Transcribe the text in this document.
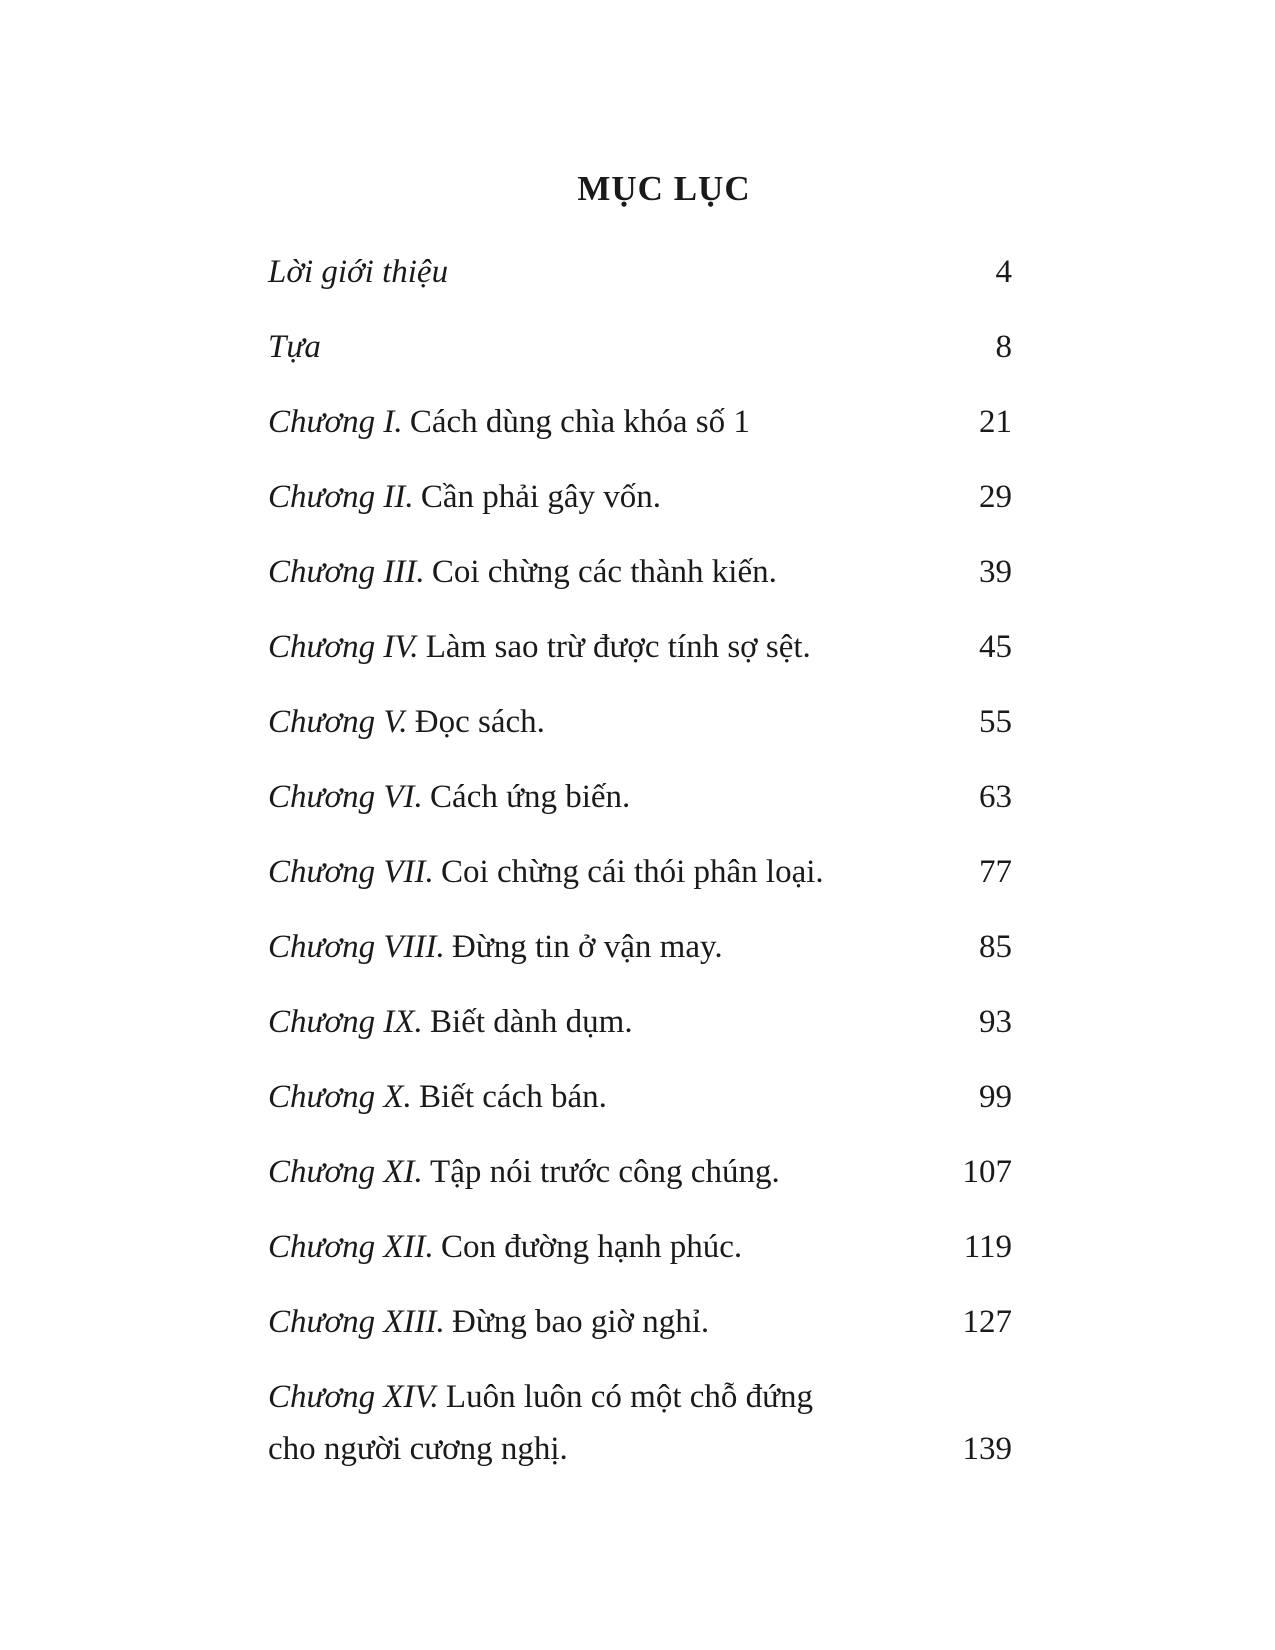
MỤC LỤC
Lời giới thiệu	4
Tựa	8
Chương I. Cách dùng chìa khóa số 1	21
Chương II. Cần phải gây vốn.	29
Chương III. Coi chừng các thành kiến.	39
Chương IV. Làm sao trừ được tính sợ sệt.	45
Chương V. Đọc sách.	55
Chương VI. Cách ứng biến.	63
Chương VII. Coi chừng cái thói phân loại.	77
Chương VIII. Đừng tin ở vận may.	85
Chương IX. Biết dành dụm.	93
Chương X. Biết cách bán.	99
Chương XI. Tập nói trước công chúng.	107
Chương XII. Con đường hạnh phúc.	119
Chương XIII. Đừng bao giờ nghỉ.	127
Chương XIV. Luôn luôn có một chỗ đứng
cho người cương nghị.	139
